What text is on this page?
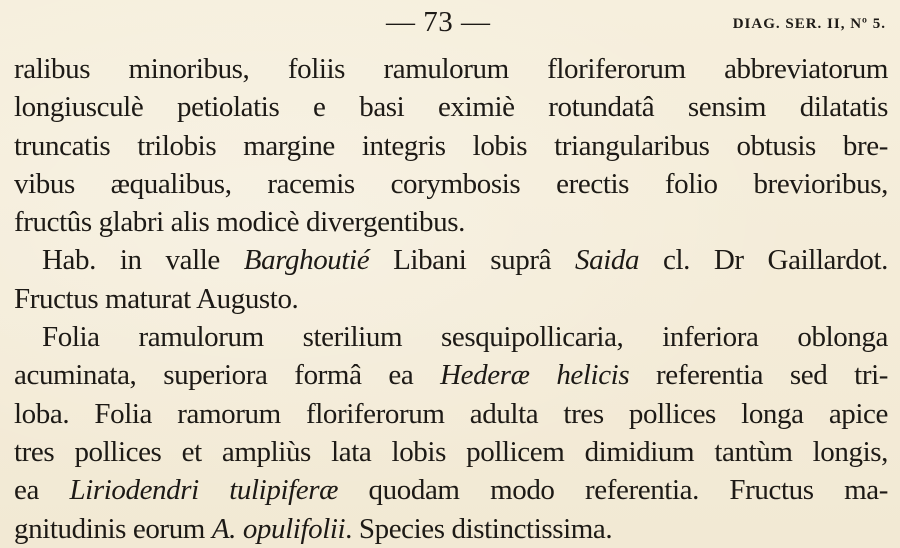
— 73 —	DIAG. SER. II, Nº 5.
ralibus minoribus, foliis ramulorum floriferorum abbreviatorum
longiusculè petiolatis e basi eximiè rotundatâ sensim dilatatis
truncatis trilobis margine integris lobis triangularibus obtusis bre-
vibus æqualibus, racemis corymbosis erectis folio brevioribus,
fructûs glabri alis modicè divergentibus.
Hab. in valle Barghoutié Libani suprâ Saida cl. Dr Gaillardot.
Fructus maturat Augusto.
Folia ramulorum sterilium sesquipollicaria, inferiora oblonga
acuminata, superiora formâ ea Hederæ helicis referentia sed tri-
loba. Folia ramorum floriferorum adulta tres pollices longa apice
tres pollices et ampliùs lata lobis pollicem dimidium tantùm longis,
ea Liriodendri tulipiferæ quodam modo referentia. Fructus ma-
gnitudinis eorum A. opulifolii. Species distinctissima.
